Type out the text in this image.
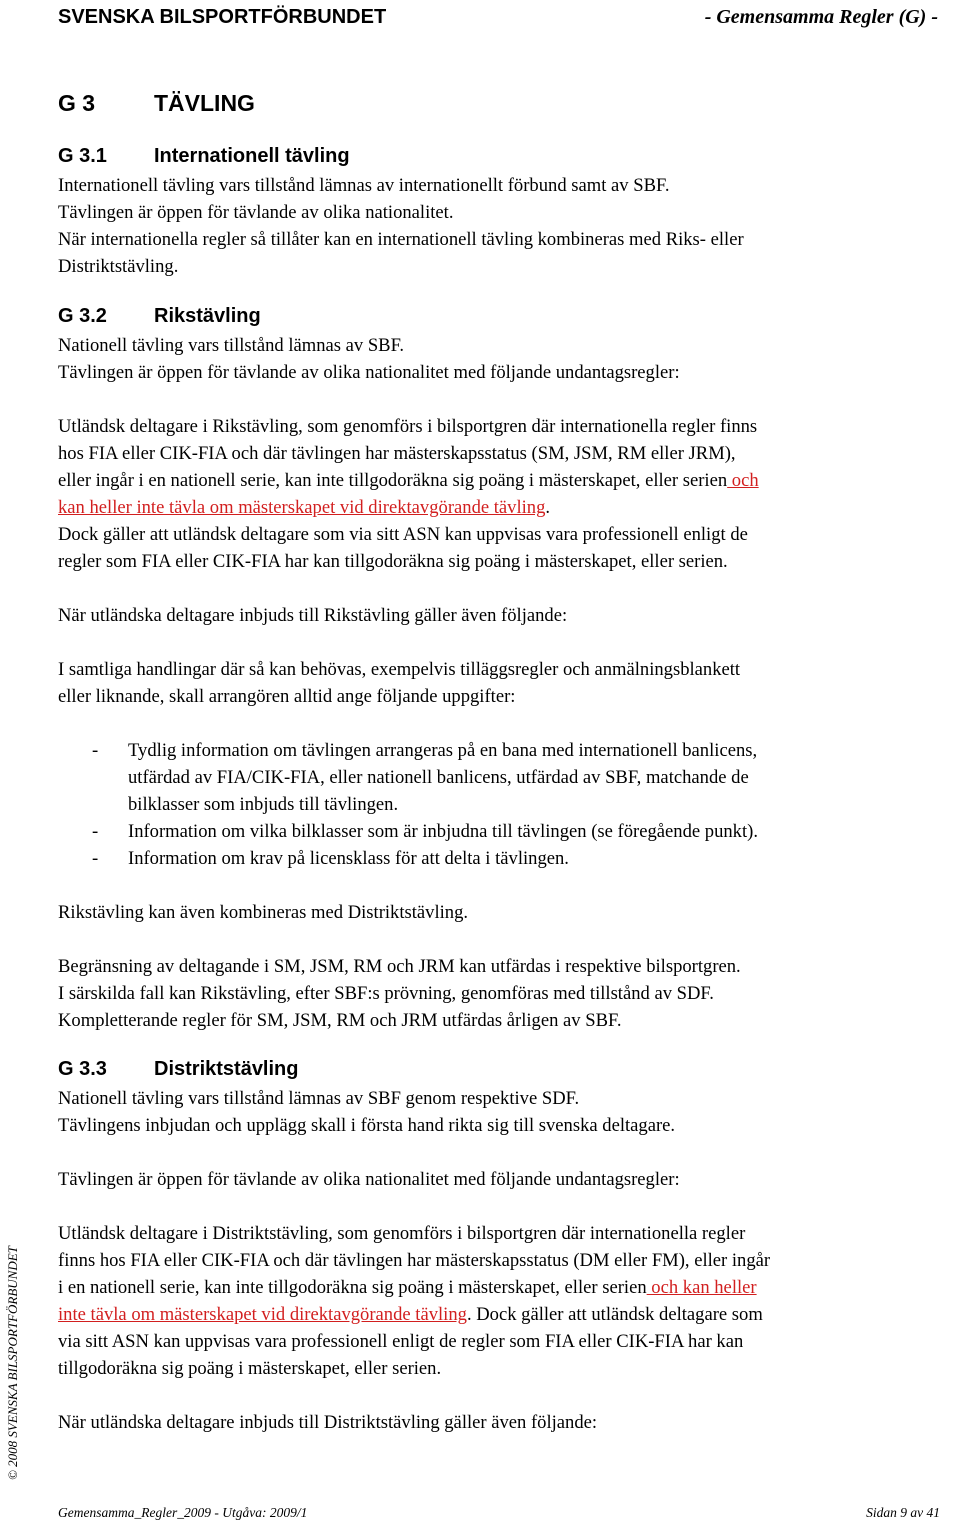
SVENSKA BILSPORTFÖRBUNDET	- Gemensamma Regler (G) -
G 3	TÄVLING
G 3.1 Internationell tävling
Internationell tävling vars tillstånd lämnas av internationellt förbund samt av SBF.
Tävlingen är öppen för tävlande av olika nationalitet.
När internationella regler så tillåter kan en internationell tävling kombineras med Riks- eller
Distriktstävling.
G 3.2 Rikstävling
Nationell tävling vars tillstånd lämnas av SBF.
Tävlingen är öppen för tävlande av olika nationalitet med följande undantagsregler:
Utländsk deltagare i Rikstävling, som genomförs i bilsportgren där internationella regler finns
hos FIA eller CIK-FIA och där tävlingen har mästerskapsstatus (SM, JSM, RM eller JRM),
eller ingår i en nationell serie, kan inte tillgodoräkna sig poäng i mästerskapet, eller serien och
kan heller inte tävla om mästerskapet vid direktavgörande tävling.
Dock gäller att utländsk deltagare som via sitt ASN kan uppvisas vara professionell enligt de
regler som FIA eller CIK-FIA har kan tillgodoräkna sig poäng i mästerskapet, eller serien.
När utländska deltagare inbjuds till Rikstävling gäller även följande:
I samtliga handlingar där så kan behövas, exempelvis tilläggsregler och anmälningsblankett
eller liknande, skall arrangören alltid ange följande uppgifter:
- Tydlig information om tävlingen arrangeras på en bana med internationell banlicens,
utfärdad av FIA/CIK-FIA, eller nationell banlicens, utfärdad av SBF, matchande de
bilklasser som inbjuds till tävlingen.
- Information om vilka bilklasser som är inbjudna till tävlingen (se föregående punkt).
- Information om krav på licensklass för att delta i tävlingen.
Rikstävling kan även kombineras med Distriktstävling.
Begränsning av deltagande i SM, JSM, RM och JRM kan utfärdas i respektive bilsportgren.
I särskilda fall kan Rikstävling, efter SBF:s prövning, genomföras med tillstånd av SDF.
Kompletterande regler för SM, JSM, RM och JRM utfärdas årligen av SBF.
G 3.3 Distriktstävling
Nationell tävling vars tillstånd lämnas av SBF genom respektive SDF.
Tävlingens inbjudan och upplägg skall i första hand rikta sig till svenska deltagare.
Tävlingen är öppen för tävlande av olika nationalitet med följande undantagsregler:
Utländsk deltagare i Distriktstävling, som genomförs i bilsportgren där internationella regler
finns hos FIA eller CIK-FIA och där tävlingen har mästerskapsstatus (DM eller FM), eller ingår
i en nationell serie, kan inte tillgodoräkna sig poäng i mästerskapet, eller serien och kan heller
inte tävla om mästerskapet vid direktavgörande tävling. Dock gäller att utländsk deltagare som
via sitt ASN kan uppvisas vara professionell enligt de regler som FIA eller CIK-FIA har kan
tillgodoräkna sig poäng i mästerskapet, eller serien.
När utländska deltagare inbjuds till Distriktstävling gäller även följande:
© 2008 SVENSKA BILSPORTFÖRBUNDET
Gemensamma_Regler_2009 - Utgåva: 2009/1	Sidan 9 av 41
